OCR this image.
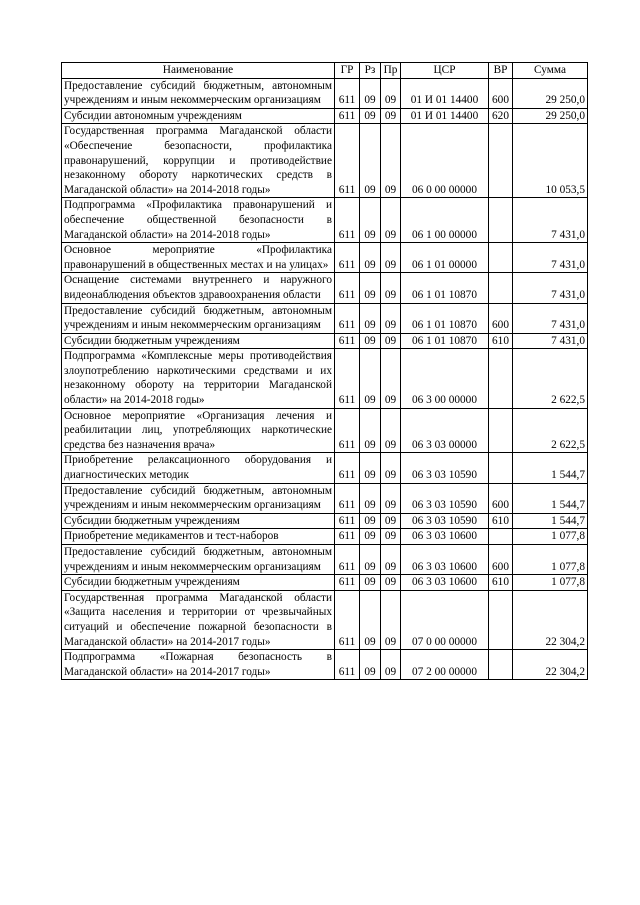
Наименование	ГР	Рз	Пр	ЦСР	ВР	Сумма
Предоставление субсидий бюджетным, автономным учреждениям и иным некоммерческим организациям	611	09	09	01 И 01 14400	600	29 250,0
Субсидии автономным учреждениям	611	09	09	01 И 01 14400	620	29 250,0
Государственная программа Магаданской области «Обеспечение безопасности, профилактика правонарушений, коррупции и противодействие незаконному обороту наркотических средств в Магаданской области» на 2014-2018 годы»	611	09	09	06 0 00 00000		10 053,5
Подпрограмма «Профилактика правонарушений и обеспечение общественной безопасности в Магаданской области» на 2014-2018 годы»	611	09	09	06 1 00 00000		7 431,0
Основное мероприятие «Профилактика правонарушений в общественных местах и на улицах»	611	09	09	06 1 01 00000		7 431,0
Оснащение системами внутреннего и наружного видеонаблюдения объектов здравоохранения области	611	09	09	06 1 01 10870		7 431,0
Предоставление субсидий бюджетным, автономным учреждениям и иным некоммерческим организациям	611	09	09	06 1 01 10870	600	7 431,0
Субсидии бюджетным учреждениям	611	09	09	06 1 01 10870	610	7 431,0
Подпрограмма «Комплексные меры противодействия злоупотреблению наркотическими средствами и их незаконному обороту на территории Магаданской области» на 2014-2018 годы»	611	09	09	06 3 00 00000		2 622,5
Основное мероприятие «Организация лечения и реабилитации лиц, употребляющих наркотические средства без назначения врача»	611	09	09	06 3 03 00000		2 622,5
Приобретение релаксационного оборудования и диагностических методик	611	09	09	06 3 03 10590		1 544,7
Предоставление субсидий бюджетным, автономным учреждениям и иным некоммерческим организациям	611	09	09	06 3 03 10590	600	1 544,7
Субсидии бюджетным учреждениям	611	09	09	06 3 03 10590	610	1 544,7
Приобретение медикаментов и тест-наборов	611	09	09	06 3 03 10600		1 077,8
Предоставление субсидий бюджетным, автономным учреждениям и иным некоммерческим организациям	611	09	09	06 3 03 10600	600	1 077,8
Субсидии бюджетным учреждениям	611	09	09	06 3 03 10600	610	1 077,8
Государственная программа Магаданской области «Защита населения и территории от чрезвычайных ситуаций и обеспечение пожарной безопасности в Магаданской области» на 2014-2017 годы»	611	09	09	07 0 00 00000		22 304,2
Подпрограмма «Пожарная безопасность в Магаданской области» на 2014-2017 годы»	611	09	09	07 2 00 00000		22 304,2
